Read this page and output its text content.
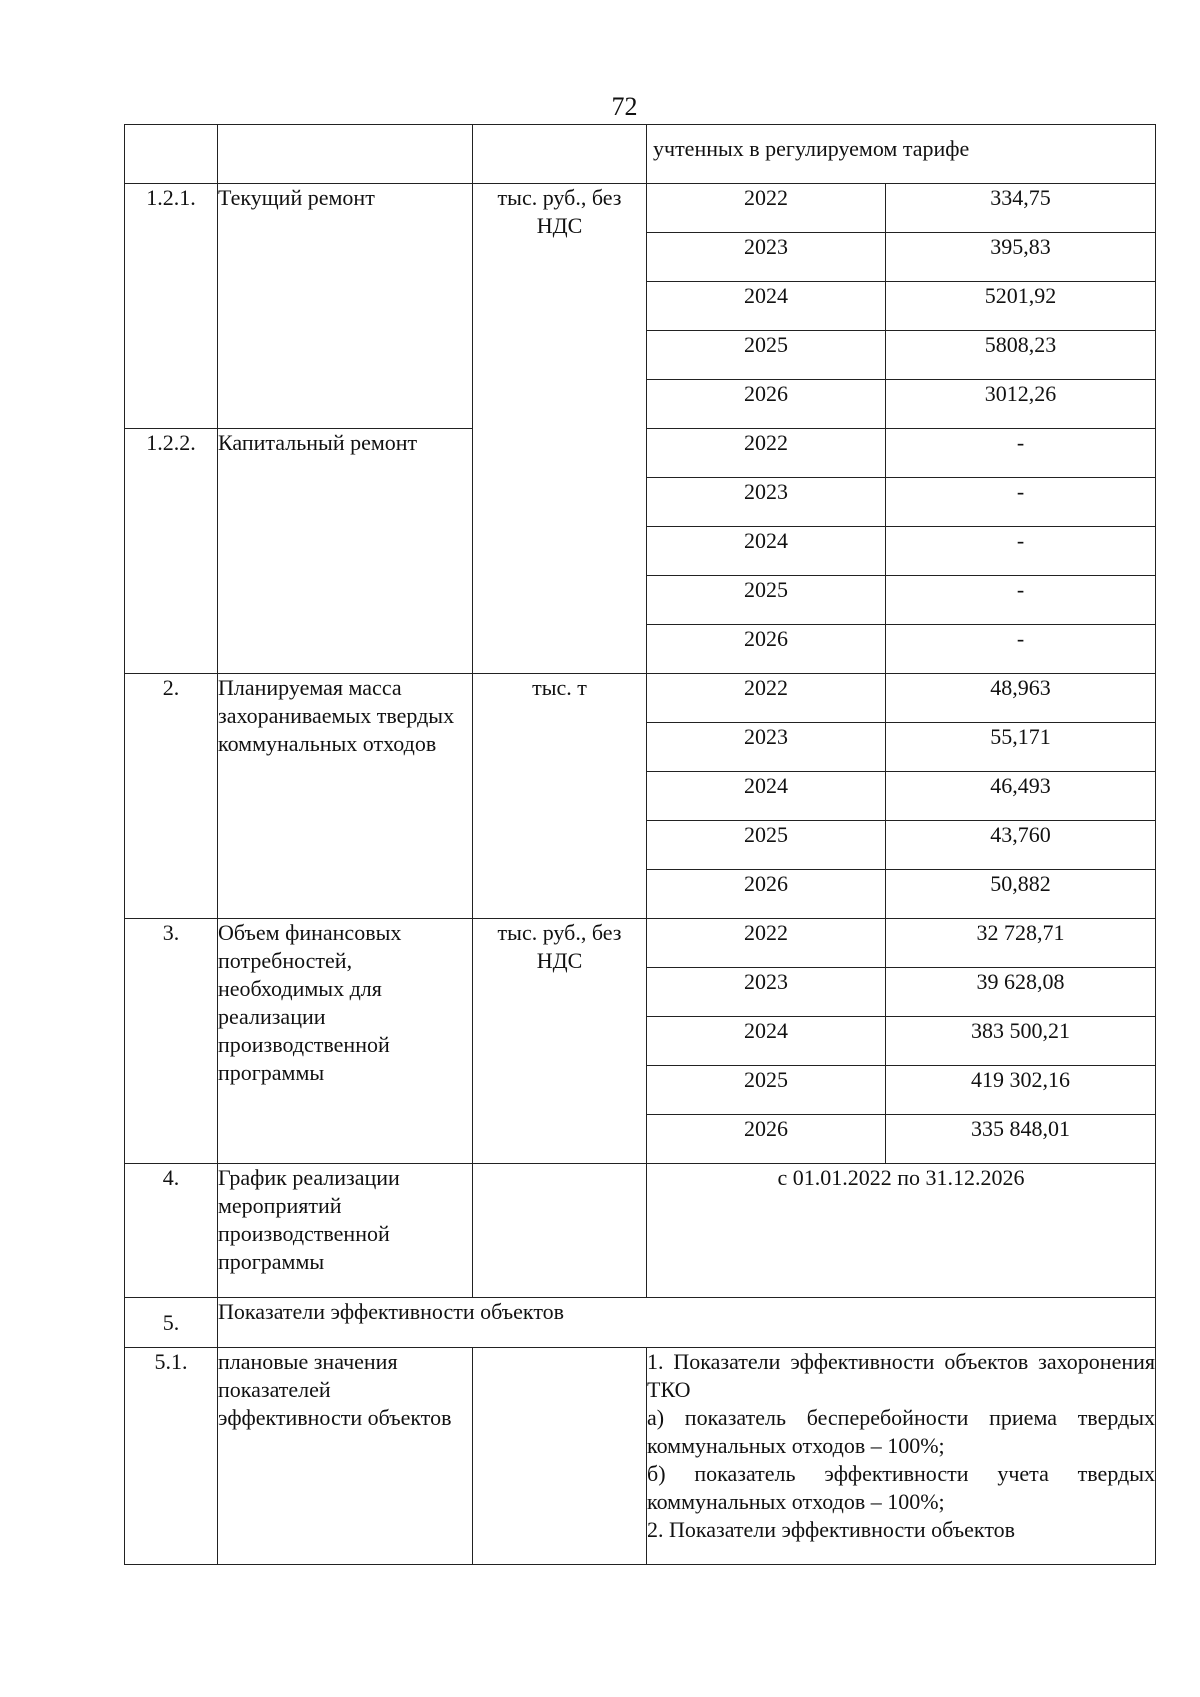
72
			учтенных в регулируемом тарифе	
1.2.1.	Текущий ремонт	тыс. руб., без НДС	2022	334,75
			2023	395,83
			2024	5201,92
			2025	5808,23
			2026	3012,26
1.2.2.	Капитальный ремонт		2022	-
			2023	-
			2024	-
			2025	-
			2026	-
2.	Планируемая масса захораниваемых твердых коммунальных отходов	тыс. т	2022	48,963
			2023	55,171
			2024	46,493
			2025	43,760
			2026	50,882
3.	Объем финансовых потребностей, необходимых для реализации производственной программы	тыс. руб., без НДС	2022	32 728,71
			2023	39 628,08
			2024	383 500,21
			2025	419 302,16
			2026	335 848,01
4.	График реализации мероприятий производственной программы		с 01.01.2022 по 31.12.2026	
5.	Показатели эффективности объектов			
5.1.	плановые значения показателей эффективности объектов		1. Показатели эффективности объектов захоронения ТКО
а) показатель бесперебойности приема твердых коммунальных отходов – 100%;
б) показатель эффективности учета твердых коммунальных отходов – 100%;
2. Показатели эффективности объектов	
